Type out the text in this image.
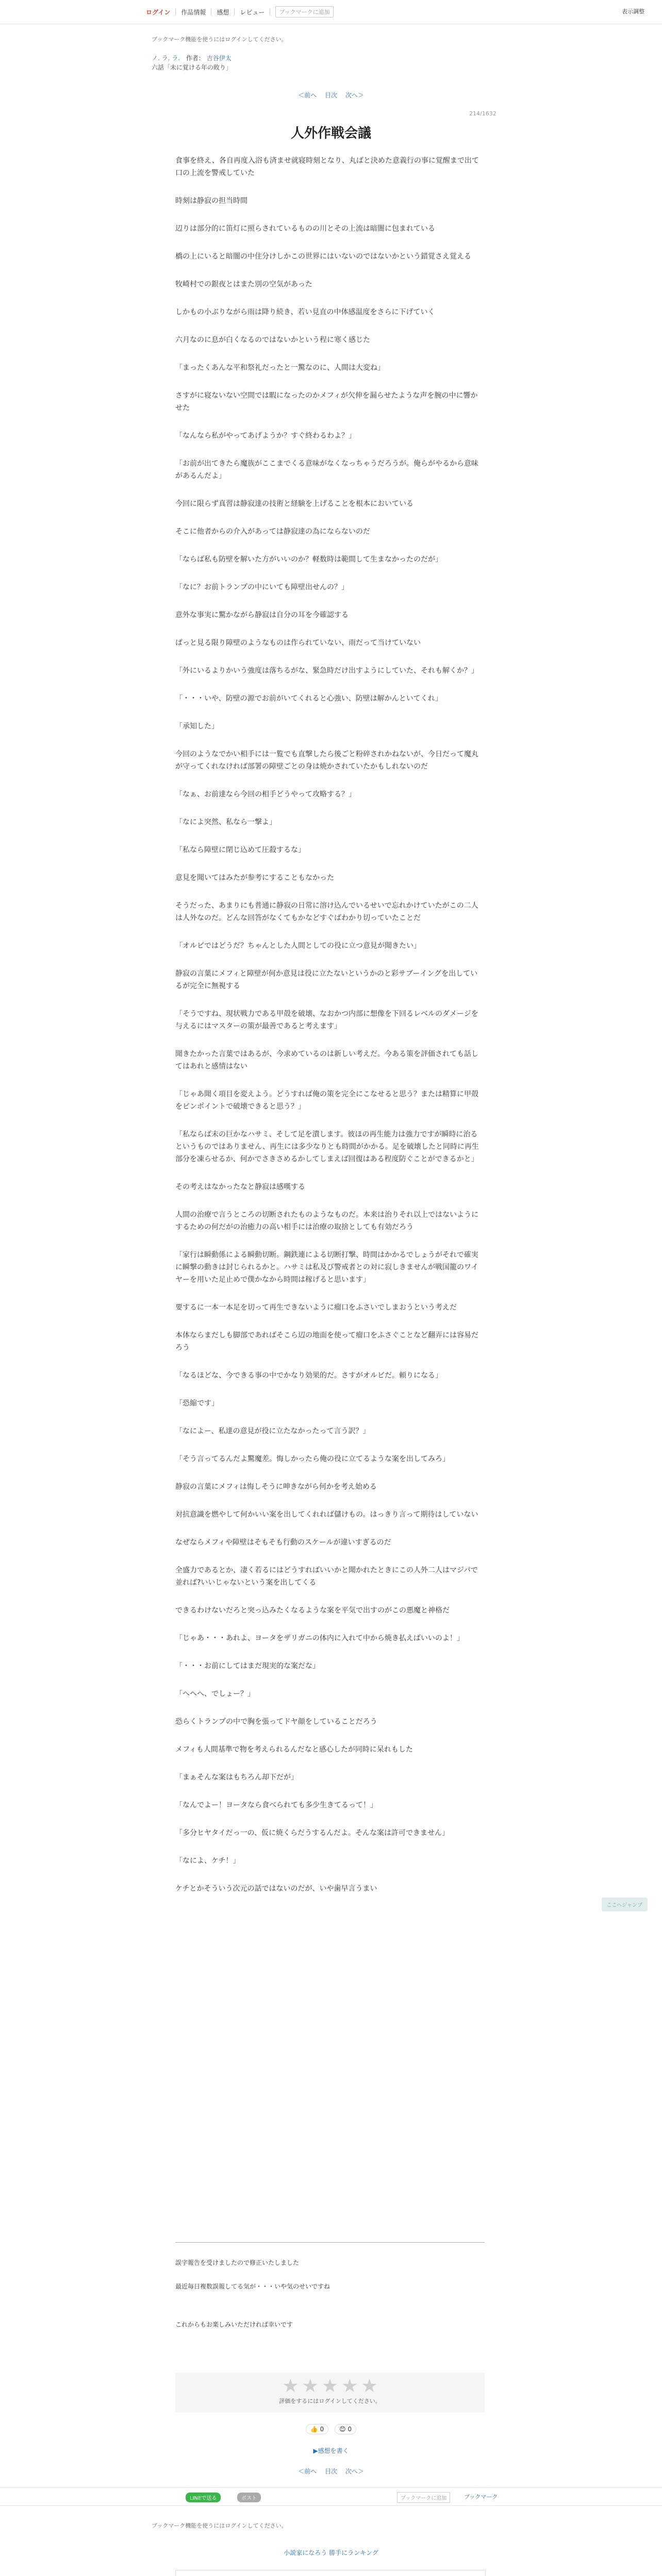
ログイン 作品情報 感想 レビュー	ブックマークに追加	表示調整
ブックマーク機能を使うにはログインしてください。
ノ. ラ. ラ. 作者： 吉谷伊太
六話「未に覚ける年の敗り」
＜前へ 目次 次へ＞
214/1632
人外作戦会議

食事を終え、各自再度入浴も済ませ就寝時刻となり、丸ばと決めた意義行の事に覚醒まで出て口の上流を警戒していた

時刻は静寂の担当時間

辺りは部分的に笛灯に照らされているものの川とその上流は暗闇に包まれている

橋の上にいると暗闇の中住分けしかこの世界にはいないのではないかという錯覚さえ覚える

牧崎村での銀夜とはまた別の空気があった

しかもの小ぶりながら雨は降り続き、若い見直の中体感温度をさらに下げていく

六月なのに息が白くなるのではないかという程に寒く感じた

「まったくあんな平和祭礼だったと一驚なのに、人間は大変ね」

さすがに寝ないない空間では暇になったのかメフィが欠伸を漏らせたような声を腕の中に響かせた

「なんなら私がやってあげようか？すぐ終わるわよ？」

「お前が出てきたら魔族がここまでくる意味がなくなっちゃうだろうが。俺らがやるから意味があるんだよ」

今回に限らず真習は静寂達の技術と経験を上げることを根本においている

そこに他者からの介入があっては静寂達の為にならないのだ

「ならば私も防壁を解いた方がいいのか？軽数時は範間して生まなかったのだが」

「なに？お前トランプの中にいても障壁出せんの？」

意外な事実に驚かながら静寂は自分の耳を今確認する

ぱっと見る限り障壁のようなものは作られていない、雨だって当けていない

「外にいるよりかいう強度は落ちるがな、緊急時だけ出すようにしていた、それも解くか？」

「・・・いや、防壁の源でお前がいてくれると心強い、防壁は解かんといてくれ」

「承知した」

今回のようなでかい相手には一覧でも直撃したら後ごと粉碎されかねないが、今日だって魔丸が守ってくれなければ部署の障壁ごとの身は焼かされていたかもしれないのだ

「なぁ、お前達なら今回の相手どうやって攻略する？」

「なによ突然、私なら一撃よ」

「私なら障壁に閉じ込めて圧殺するな」

意見を聞いてはみたが参考にすることもなかった

そうだった、あまりにも普通に静寂の日常に溶け込んでいるせいで忘れかけていたがこの二人は人外なのだ。どんな回答がなくてもかなどすぐばわかり切っていたことだ

「オルビではどうだ？ちゃんとした人間としての役に立つ意見が聞きたい」

静寂の言葉にメフィと障壁が何か意見は役に立たないというかのと彩サブーイングを出しているが完全に無視する

「そうですね、現状戦力である甲殻を破壊、なおかつ内部に想像を下回るレベルのダメージを与えるにはマスターの策が最善であると考えます」

聞きたかった言葉ではあるが、今求めているのは新しい考えだ。今ある策を評価されても話してはあれと感情はない

「じゃあ聞く項目を変えよう。どうすれば俺の策を完全にこなせると思う？または精算に甲殻をピンポイントで破壊できると思う？」

「私ならば未の巨かなハサミ、そして足を潰します。彼ほの再生能力は強力ですが瞬時に治るというものではありません、再生には多少なりとも時間がかかる。足を破壊したと同時に再生部分を凍らせるか、何かでさきさめるかしてしまえば回復はある程度防ぐことができるかと」

その考えはなかったなと静寂は感嘆する

人間の治療で言うところの切断されたものようなものだ。本来は治りそれ以上ではないようにするための何だがの治癒力の高い相手には治療の取捨としても有効だろう

「家行は瞬動係による瞬動切断。鋼鉄連による切断打撃、時間はかかるでしょうがそれで確実に瞬撃の動きは封じられるかと。ハサミは私及び警戒者との対に寂しきませんが戦国籠のワイヤーを用いた足止めで僕かなから時間は稼げると思います」

要するに一本一本足を切って再生できないように瘤口をふさいでしまおうという考えだ

本体ならまだしも脚部であればそこら辺の地面を使って瘤口をふさぐことなど翻弄には容易だろう

「なるほどな、今できる事の中でかなり効果的だ。さすがオルビだ。頼りになる」

「恐縮です」

「なによー、私達の意見が役に立たなかったって言う訳？」

「そう言ってるんだよ驚魔差。悔しかったら俺の役に立てるような案を出してみろ」

静寂の言葉にメフィは悔しそうに呻きながら何かを考え始める

対抗意識を燃やして何かいい案を出してくれれば儲けもの。はっきり言って期待はしていない

なぜならメフィや障壁はそもそも行動のスケールが違いすぎるのだ

全盛力であるとか、凄く若るにはどうすればいいかと聞かれたときにこの人外二人はマジパで並れば?いいじゃないという案を出してくる

できるわけないだろと突っ込みたくなるような案を平気で出すのがこの悪魔と神格だ

「じゃあ・・・あれよ、ヨータをザリガニの体内に入れて中から焼き払えばいいのよ！」

「・・・お前にしてはまだ現実的な案だな」

「へへへ、でしょー？」

恐らくトランプの中で胸を張ってドヤ顔をしていることだろう

メフィも人間基準で物を考えられるんだなと感心したが同時に呆れもした

「まぁそんな案はもちろん却下だが」

「なんでよー！ヨータなら食べられても多少生きてるって！」

「多分ヒヤタイだっ一の、仮に焼くらだうするんだよ。そんな案は許可できません」

「なによ、ケチ！」

ケチとかそういう次元の話ではないのだが、いや歯早言うまい

ここへジャンプ

誤字報告を受けましたので修正いたしました

最近毎日複数誤報してる気が・・・いや気のせいですね

これからもお楽しみいただければ幸いです

★ ★ ★ ★ ★
評価をするにはログインしてください。
👍 0 😊 0
▶感想を書く
＜前へ 目次 次へ＞
LINEで送る	ポスト	ブックマークに追加	ブックマーク
ブックマーク機能を使うにはログインしてください。
小説家になろう 勝手にランキング
